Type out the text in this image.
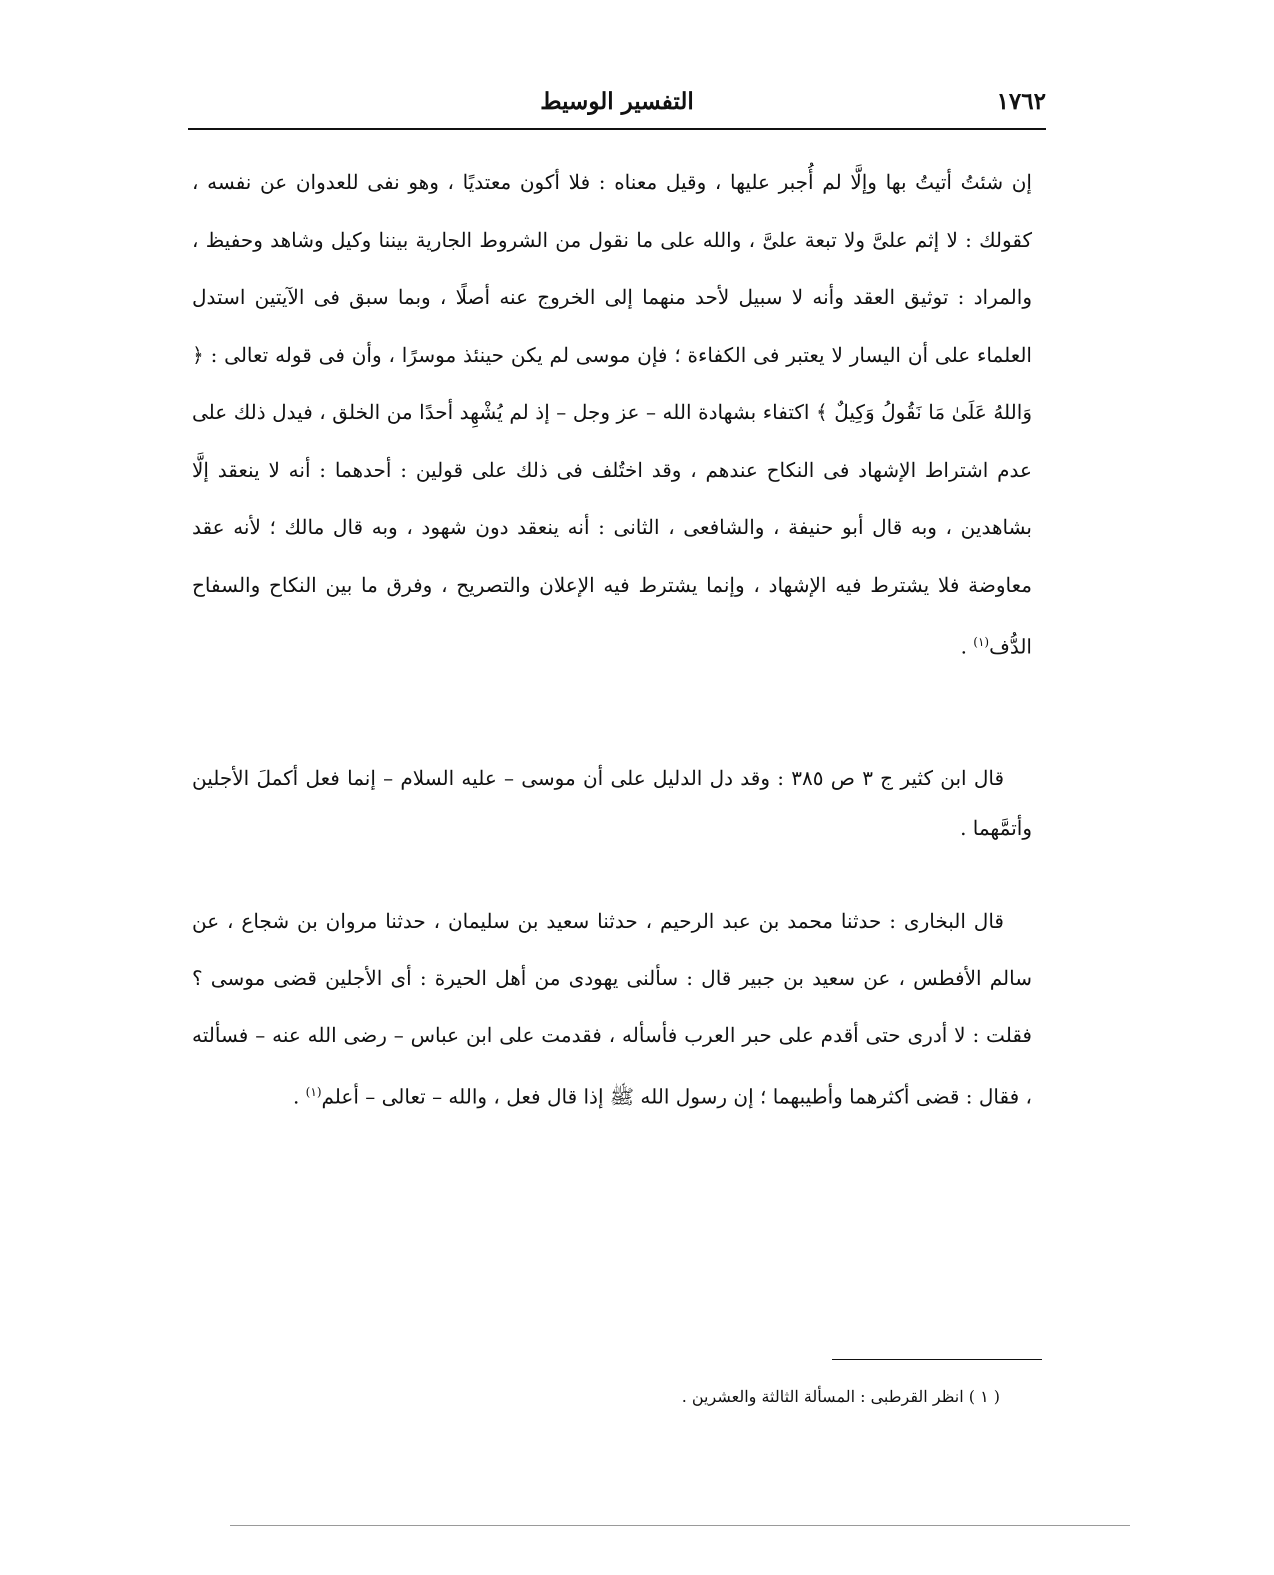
١٧٦٢
التفسير الوسيط

إن شئتُ أتيتُ بها وإلَّا لم أُجبر عليها ، وقيل معناه : فلا أكون معتديًا ، وهو نفى للعدوان عن نفسه ، كقولك : لا إثم علىَّ ولا تبعة علىَّ ، والله على ما نقول من الشروط الجارية بيننا وكيل وشاهد وحفيظ ، والمراد : توثيق العقد وأنه لا سبيل لأحد منهما إلى الخروج عنه أصلًا ، وبما سبق فى الآيتين استدل العلماء على أن اليسار لا يعتبر فى الكفاءة ؛ فإن موسى لم يكن حينئذ موسرًا ، وأن فى قوله تعالى : ﴿ وَاللهُ عَلَىٰ مَا نَقُولُ وَكِيلٌ ﴾ اكتفاء بشهادة الله – عز وجل – إذ لم يُشْهِد أحدًا من الخلق ، فيدل ذلك على عدم اشتراط الإشهاد فى النكاح عندهم ، وقد اختُلف فى ذلك على قولين : أحدهما : أنه لا ينعقد إلَّا بشاهدين ، وبه قال أبو حنيفة ، والشافعى ، الثانى : أنه ينعقد دون شهود ، وبه قال مالك ؛ لأنه عقد معاوضة فلا يشترط فيه الإشهاد ، وإنما يشترط فيه الإعلان والتصريح ، وفرق ما بين النكاح والسفاح الدُّف$^{(١)}$ .

قال ابن كثير ج ٣ ص ٣٨٥ : وقد دل الدليل على أن موسى – عليه السلام – إنما فعل أكملَ الأجلين وأتمَّهما .

قال البخارى : حدثنا محمد بن عبد الرحيم ، حدثنا سعيد بن سليمان ، حدثنا مروان بن شجاع ، عن سالم الأفطس ، عن سعيد بن جبير قال : سألنى يهودى من أهل الحيرة : أى الأجلين قضى موسى ؟ فقلت : لا أدرى حتى أقدم على حبر العرب فأسأله ، فقدمت على ابن عباس – رضى الله عنه – فسألته ، فقال : قضى أكثرهما وأطيبهما ؛ إن رسول الله ﷺ إذا قال فعل ، والله – تعالى – أعلم$^{(١)}$ .

( ١ ) انظر القرطبى : المسألة الثالثة والعشرين .
